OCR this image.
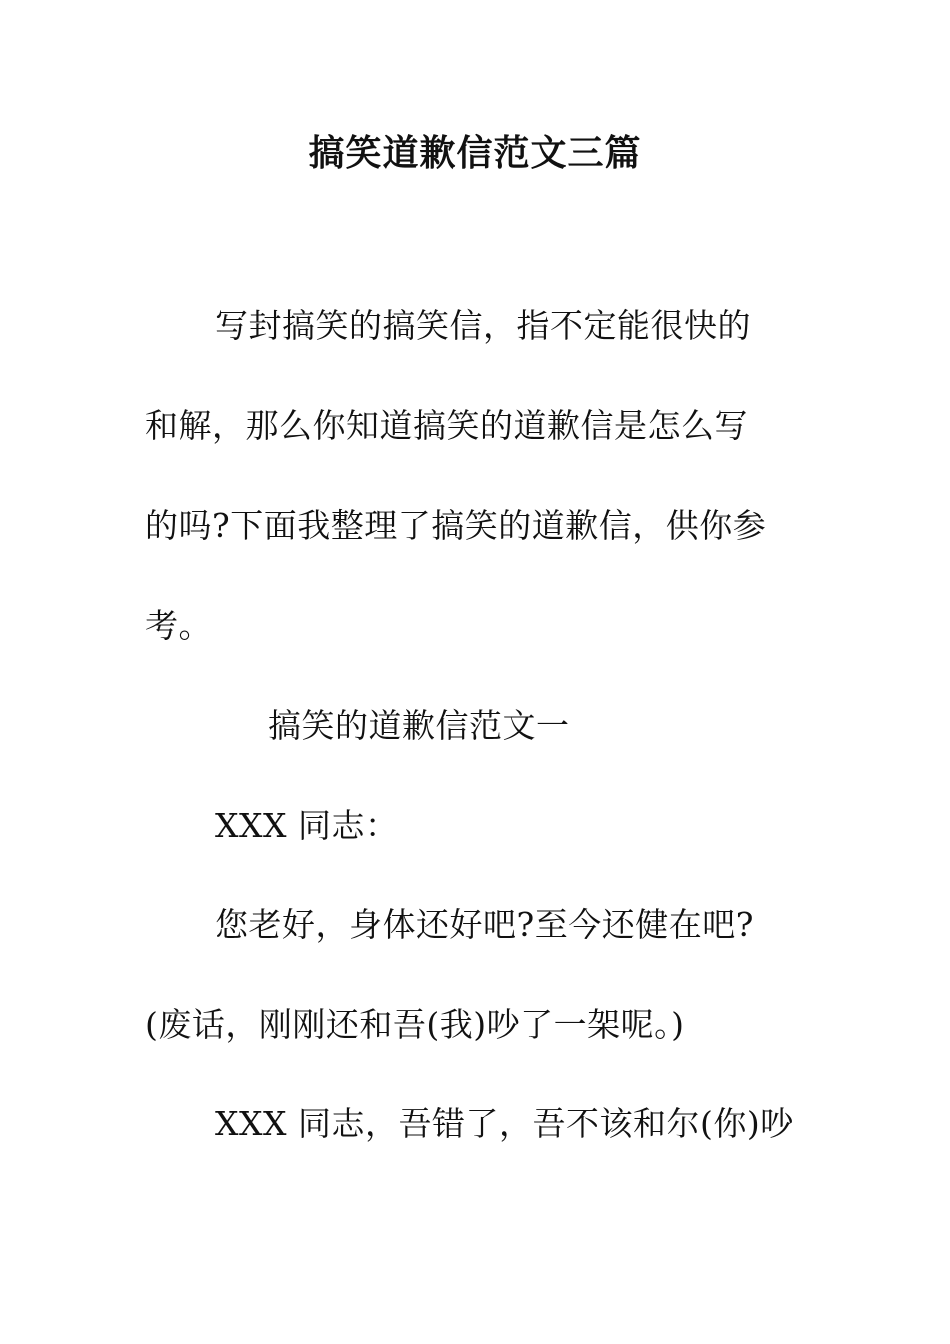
搞笑道歉信范文三篇
写封搞笑的搞笑信，指不定能很快的
和解，那么你知道搞笑的道歉信是怎么写
的吗?下面我整理了搞笑的道歉信，供你参
考。
搞笑的道歉信范文一
XXX 同志：
您老好，身体还好吧?至今还健在吧?
(废话，刚刚还和吾(我)吵了一架呢。)
XXX 同志，吾错了，吾不该和尔(你)吵
